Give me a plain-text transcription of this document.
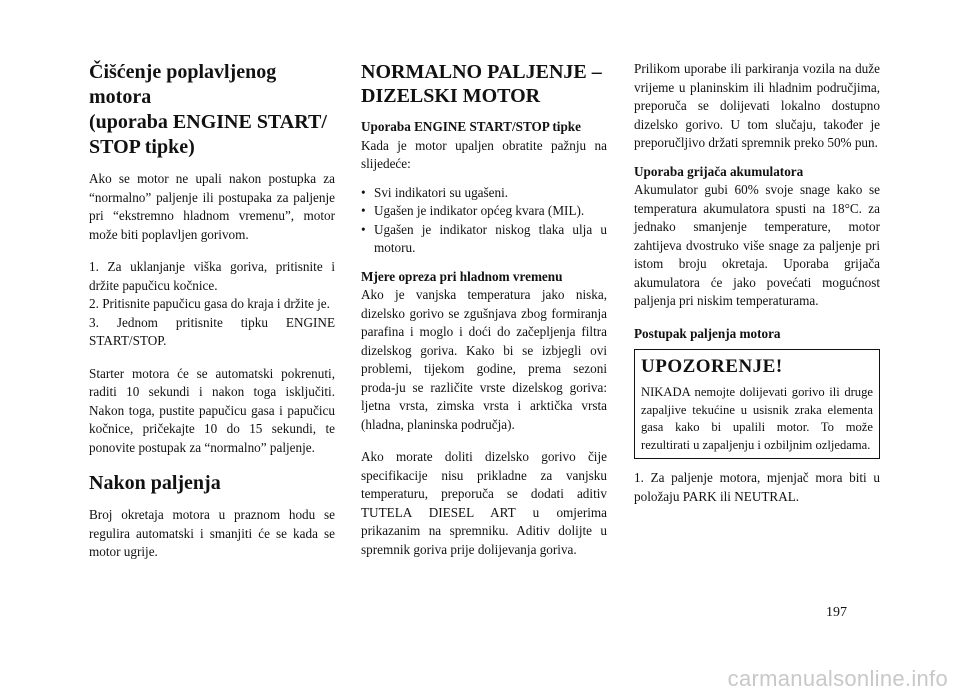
Čišćenje poplavljenog motora
(uporaba ENGINE START/
STOP tipke)

Ako se motor ne upali nakon postupka za “normalno” paljenje ili postupaka za paljenje pri “ekstremno hladnom vremenu”, motor može biti poplavljen gorivom.

1. Za uklanjanje viška goriva, pritisnite i držite papučicu kočnice.

2. Pritisnite papučicu gasa do kraja i držite je.

3. Jednom pritisnite tipku ENGINE START/STOP.

Starter motora će se automatski pokrenuti, raditi 10 sekundi i nakon toga isključiti. Nakon toga, pustite papučicu gasa i papučicu kočnice, pričekajte 10 do 15 sekundi, te ponovite postupak za “normalno” paljenje.

Nakon paljenja

Broj okretaja motora u praznom hodu se regulira automatski i smanjiti će se kada se motor ugrije.

NORMALNO PALJENJE –
DIZELSKI MOTOR
Uporaba ENGINE START/STOP tipke

Kada je motor upaljen obratite pažnju na slijedeće:

• Svi indikatori su ugašeni.
• Ugašen je indikator općeg kvara (MIL).
• Ugašen je indikator niskog tlaka ulja u motoru.
Mjere opreza pri hladnom vremenu

Ako je vanjska temperatura jako niska, dizelsko gorivo se zgušnjava zbog formiranja parafina i moglo i doći do začepljenja filtra dizelskog goriva. Kako bi se izbjegli ovi problemi, tijekom godine, prema sezoni proda-ju se različite vrste dizelskog goriva: ljetna vrsta, zimska vrsta i arktička vrsta (hladna, planinska područja).

Ako morate doliti dizelsko gorivo čije specifikacije nisu prikladne za vanjsku temperaturu, preporuča se dodati aditiv TUTELA DIESEL ART u omjerima prikazanim na spremniku. Aditiv dolijte u spremnik goriva prije dolijevanja goriva.

Prilikom uporabe ili parkiranja vozila na duže vrijeme u planinskim ili hladnim područjima, preporuča se dolijevati lokalno dostupno dizelsko gorivo. U tom slučaju, također je preporučljivo držati spremnik preko 50% pun.

Uporaba grijača akumulatora

Akumulator gubi 60% svoje snage kako se temperatura akumulatora spusti na 18°C. za jednako smanjenje temperature, motor zahtijeva dvostruko više snage za paljenje pri istom broju okretaja. Uporaba grijača akumulatora će jako povećati mogućnost paljenja pri niskim temperaturama.

Postupak paljenja motora
UPOZORENJE!

NIKADA nemojte dolijevati gorivo ili druge zapaljive tekućine u usisnik zraka elementa gasa kako bi upalili motor. To može rezultirati u zapaljenju i ozbiljnim ozljedama.

1. Za paljenje motora, mjenjač mora biti u položaju PARK ili NEUTRAL.

197
carmanualsonline.info
